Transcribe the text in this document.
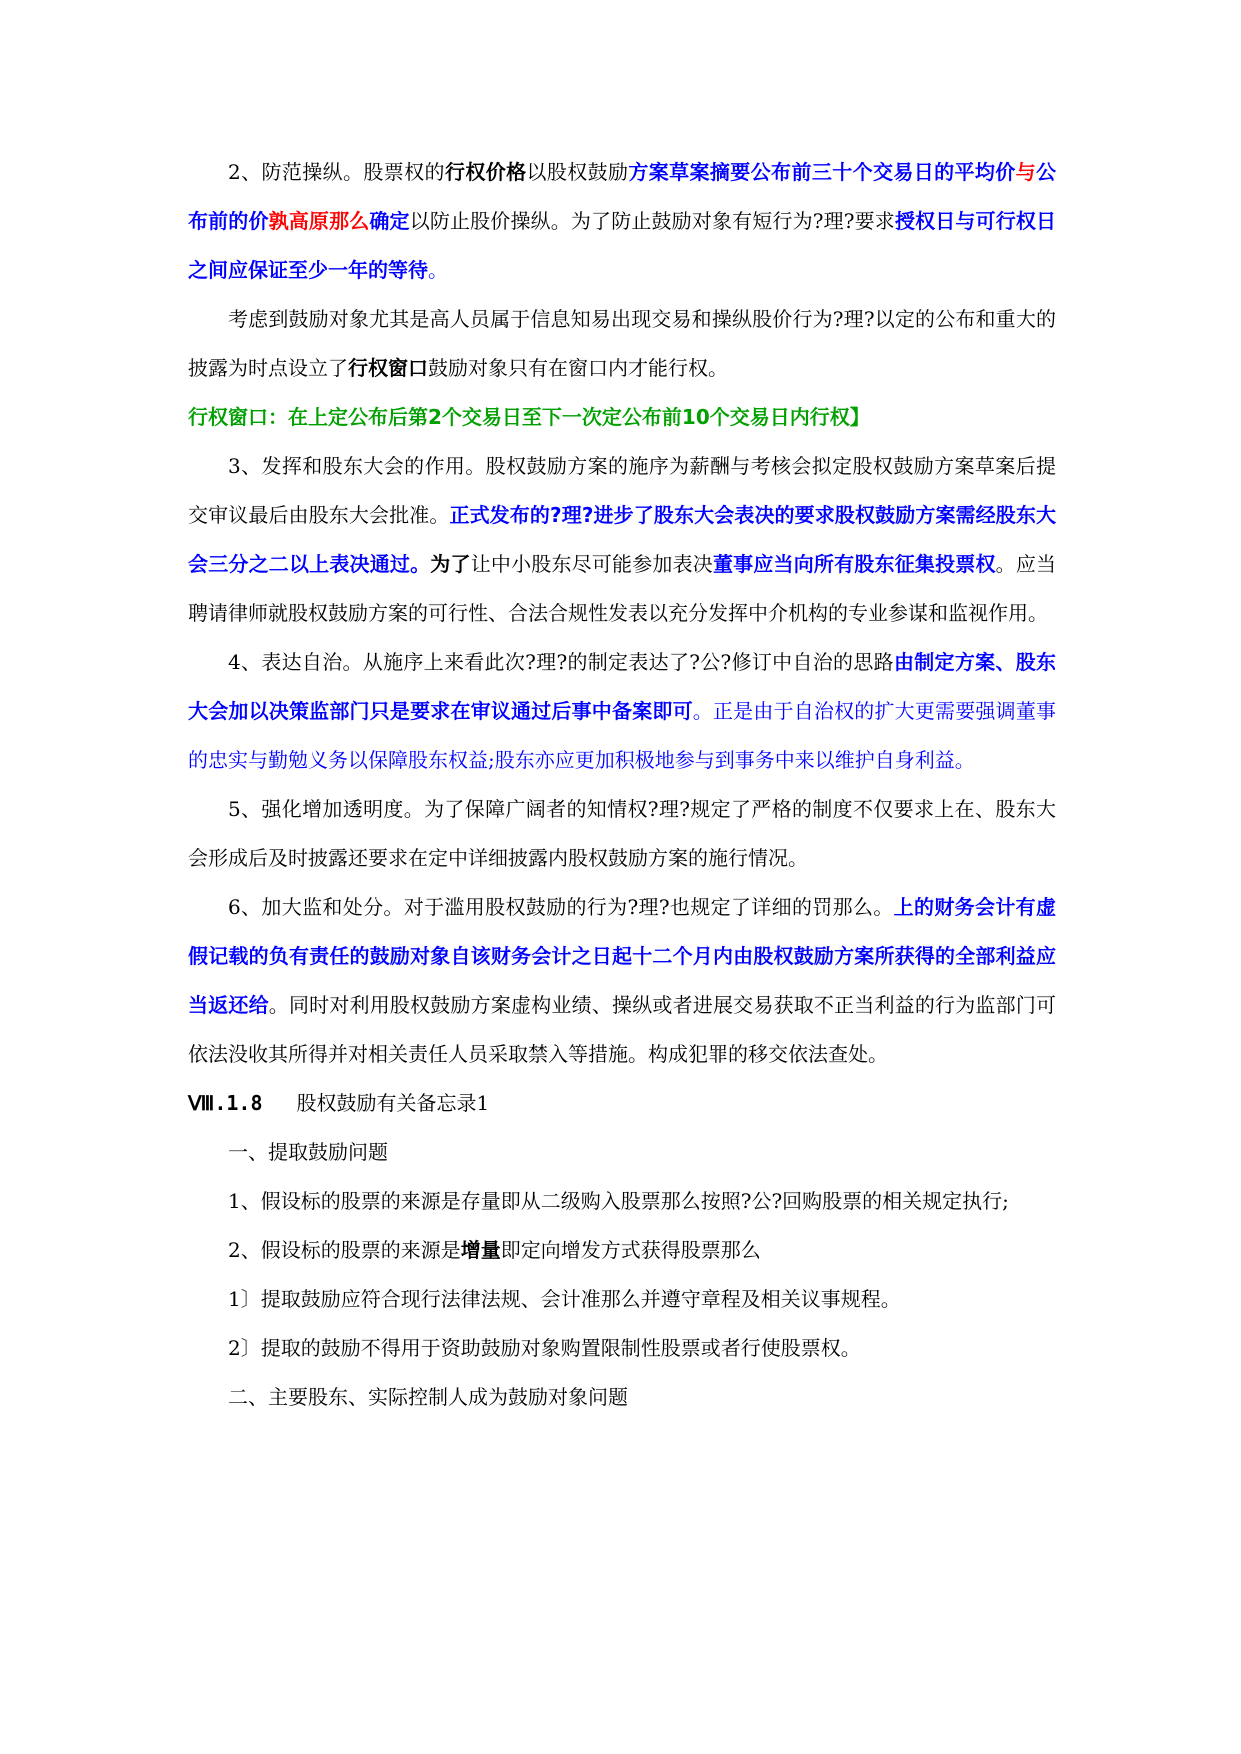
2、防范操纵。股票权的行权价格以股权鼓励方案草案摘要公布前三十个交易日的平均价与公布前的价孰高原那么确定以防止股价操纵。为了防止鼓励对象有短行为?理?要求授权日与可行权日之间应保证至少一年的等待。

考虑到鼓励对象尤其是高人员属于信息知易出现交易和操纵股价行为?理?以定的公布和重大的披露为时点设立了行权窗口鼓励对象只有在窗口内才能行权。

行权窗口：在上定公布后第2个交易日至下一次定公布前10个交易日内行权】

3、发挥和股东大会的作用。股权鼓励方案的施序为薪酬与考核会拟定股权鼓励方案草案后提交审议最后由股东大会批准。正式发布的?理?进步了股东大会表决的要求股权鼓励方案需经股东大会三分之二以上表决通过。为了让中小股东尽可能参加表决董事应当向所有股东征集投票权。应当聘请律师就股权鼓励方案的可行性、合法合规性发表以充分发挥中介机构的专业参谋和监视作用。

4、表达自治。从施序上来看此次?理?的制定表达了?公?修订中自治的思路由制定方案、股东大会加以决策监部门只是要求在审议通过后事中备案即可。正是由于自治权的扩大更需要强调董事的忠实与勤勉义务以保障股东权益;股东亦应更加积极地参与到事务中来以维护自身利益。

5、强化增加透明度。为了保障广阔者的知情权?理?规定了严格的制度不仅要求上在、股东大会形成后及时披露还要求在定中详细披露内股权鼓励方案的施行情况。

6、加大监和处分。对于滥用股权鼓励的行为?理?也规定了详细的罚那么。上的财务会计有虚假记载的负有责任的鼓励对象自该财务会计之日起十二个月内由股权鼓励方案所获得的全部利益应当返还给。同时对利用股权鼓励方案虚构业绩、操纵或者进展交易获取不正当利益的行为监部门可依法没收其所得并对相关责任人员采取禁入等措施。构成犯罪的移交依法查处。

Ⅷ.1.8 股权鼓励有关备忘录1

一、提取鼓励问题

1、假设标的股票的来源是存量即从二级购入股票那么按照?公?回购股票的相关规定执行;

2、假设标的股票的来源是增量即定向增发方式获得股票那么

1〕提取鼓励应符合现行法律法规、会计准那么并遵守章程及相关议事规程。

2〕提取的鼓励不得用于资助鼓励对象购置限制性股票或者行使股票权。

二、主要股东、实际控制人成为鼓励对象问题
